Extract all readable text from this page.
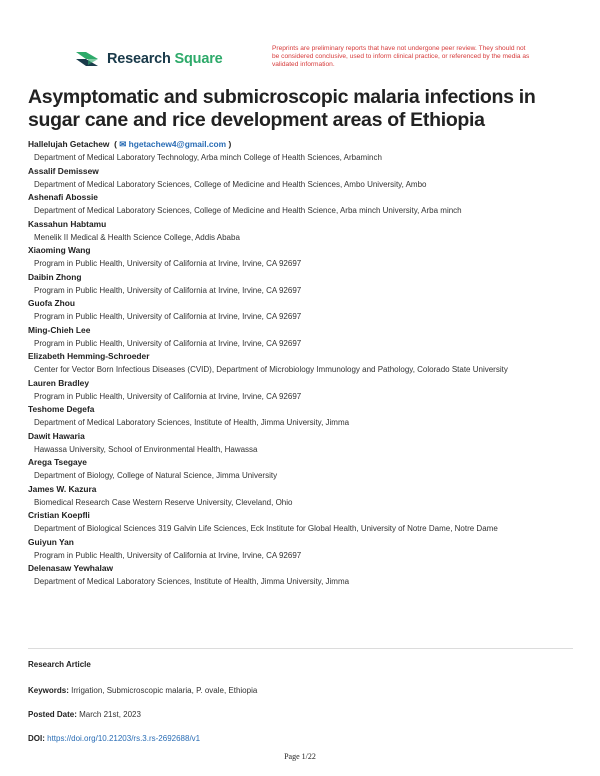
Research Square
Preprints are preliminary reports that have not undergone peer review. They should not be considered conclusive, used to inform clinical practice, or referenced by the media as validated information.
Asymptomatic and submicroscopic malaria infections in sugar cane and rice development areas of Ethiopia
Hallelujah Getachew  ( ✉ hgetachew4@gmail.com )
Department of Medical Laboratory Technology, Arba minch College of Health Sciences, Arbaminch
Assalif Demissew
Department of Medical Laboratory Sciences, College of Medicine and Health Sciences, Ambo University, Ambo
Ashenafi Abossie
Department of Medical Laboratory Sciences, College of Medicine and Health Science, Arba minch University, Arba minch
Kassahun Habtamu
Menelik II Medical & Health Science College, Addis Ababa
Xiaoming Wang
Program in Public Health, University of California at Irvine, Irvine, CA 92697
Daibin Zhong
Program in Public Health, University of California at Irvine, Irvine, CA 92697
Guofa Zhou
Program in Public Health, University of California at Irvine, Irvine, CA 92697
Ming-Chieh Lee
Program in Public Health, University of California at Irvine, Irvine, CA 92697
Elizabeth Hemming-Schroeder
Center for Vector Born Infectious Diseases (CVID), Department of Microbiology Immunology and Pathology, Colorado State University
Lauren Bradley
Program in Public Health, University of California at Irvine, Irvine, CA 92697
Teshome Degefa
Department of Medical Laboratory Sciences, Institute of Health, Jimma University, Jimma
Dawit Hawaria
Hawassa University, School of Environmental Health, Hawassa
Arega Tsegaye
Department of Biology, College of Natural Science, Jimma University
James W. Kazura
Biomedical Research Case Western Reserve University, Cleveland, Ohio
Cristian Koepfli
Department of Biological Sciences 319 Galvin Life Sciences, Eck Institute for Global Health, University of Notre Dame, Notre Dame
Guiyun Yan
Program in Public Health, University of California at Irvine, Irvine, CA 92697
Delenasaw Yewhalaw
Department of Medical Laboratory Sciences, Institute of Health, Jimma University, Jimma
Research Article
Keywords: Irrigation, Submicroscopic malaria, P. ovale, Ethiopia
Posted Date: March 21st, 2023
DOI: https://doi.org/10.21203/rs.3.rs-2692688/v1
Page 1/22
